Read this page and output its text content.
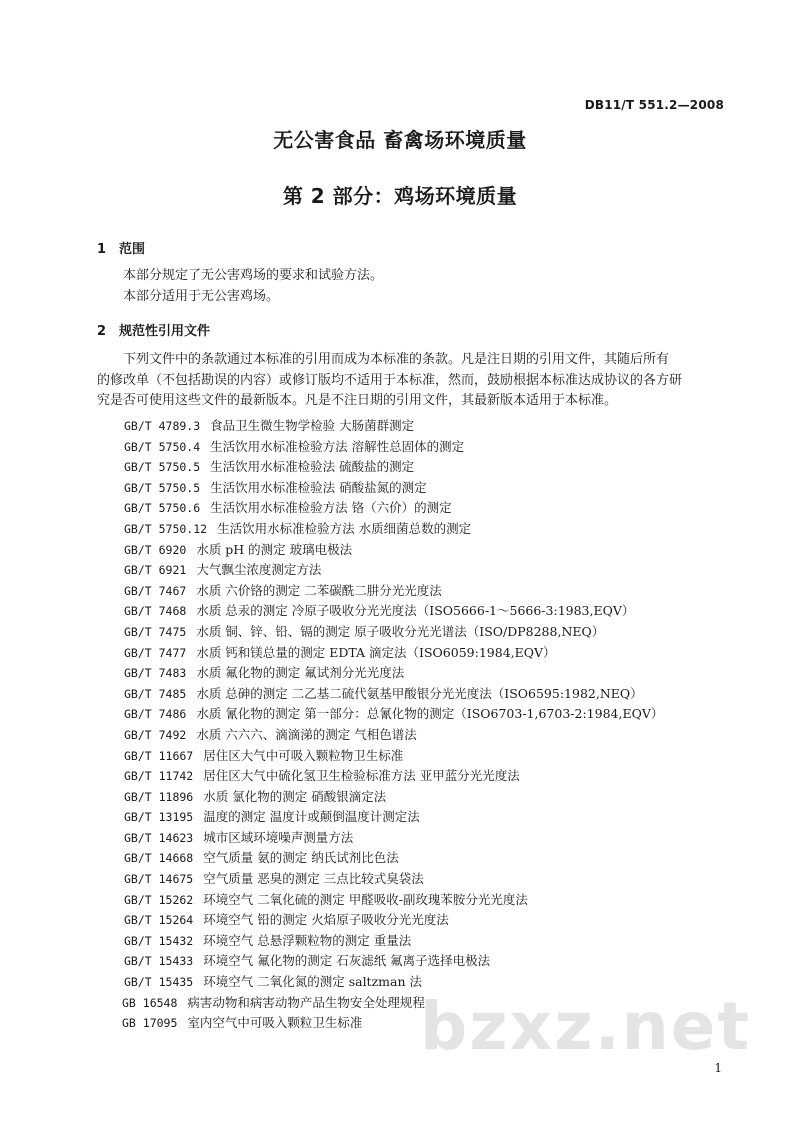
bzxz.net
DB11/T 551.2—2008
无公害食品 畜禽场环境质量
第 2 部分：鸡场环境质量
1 范围
本部分规定了无公害鸡场的要求和试验方法。
本部分适用于无公害鸡场。
2 规范性引用文件
下列文件中的条款通过本标准的引用而成为本标准的条款。凡是注日期的引用文件，其随后所有
的修改单（不包括勘误的内容）或修订版均不适用于本标准，然而，鼓励根据本标准达成协议的各方研
究是否可使用这些文件的最新版本。凡是不注日期的引用文件，其最新版本适用于本标准。
GB/T 4789.3 食品卫生微生物学检验 大肠菌群测定
GB/T 5750.4 生活饮用水标准检验方法 溶解性总固体的测定
GB/T 5750.5 生活饮用水标准检验法 硫酸盐的测定
GB/T 5750.5 生活饮用水标准检验法 硝酸盐氮的测定
GB/T 5750.6 生活饮用水标准检验方法 铬（六价）的测定
GB/T 5750.12 生活饮用水标准检验方法 水质细菌总数的测定
GB/T 6920 水质 pH 的测定 玻璃电极法
GB/T 6921 大气飘尘浓度测定方法
GB/T 7467 水质 六价铬的测定 二苯碳酰二肼分光光度法
GB/T 7468 水质 总汞的测定 冷原子吸收分光光度法（ISO5666-1～5666-3:1983,EQV）
GB/T 7475 水质 铜、锌、铅、镉的测定 原子吸收分光光谱法（ISO/DP8288,NEQ）
GB/T 7477 水质 钙和镁总量的测定 EDTA 滴定法（ISO6059:1984,EQV）
GB/T 7483 水质 氟化物的测定 氟试剂分光光度法
GB/T 7485 水质 总砷的测定 二乙基二硫代氨基甲酸银分光光度法（ISO6595:1982,NEQ）
GB/T 7486 水质 氰化物的测定 第一部分：总氰化物的测定（ISO6703-1,6703-2:1984,EQV）
GB/T 7492 水质 六六六、滴滴涕的测定 气相色谱法
GB/T 11667 居住区大气中可吸入颗粒物卫生标准
GB/T 11742 居住区大气中硫化氢卫生检验标准方法 亚甲蓝分光光度法
GB/T 11896 水质 氯化物的测定 硝酸银滴定法
GB/T 13195 温度的测定 温度计或颠倒温度计测定法
GB/T 14623 城市区域环境噪声测量方法
GB/T 14668 空气质量 氨的测定 纳氏试剂比色法
GB/T 14675 空气质量 恶臭的测定 三点比较式臭袋法
GB/T 15262 环境空气 二氧化硫的测定 甲醛吸收-副玫瑰苯胺分光光度法
GB/T 15264 环境空气 铅的测定 火焰原子吸收分光光度法
GB/T 15432 环境空气 总悬浮颗粒物的测定 重量法
GB/T 15433 环境空气 氟化物的测定 石灰滤纸 氟离子选择电极法
GB/T 15435 环境空气 二氧化氮的测定 saltzman 法
GB 16548 病害动物和病害动物产品生物安全处理规程
GB 17095 室内空气中可吸入颗粒卫生标准
1
